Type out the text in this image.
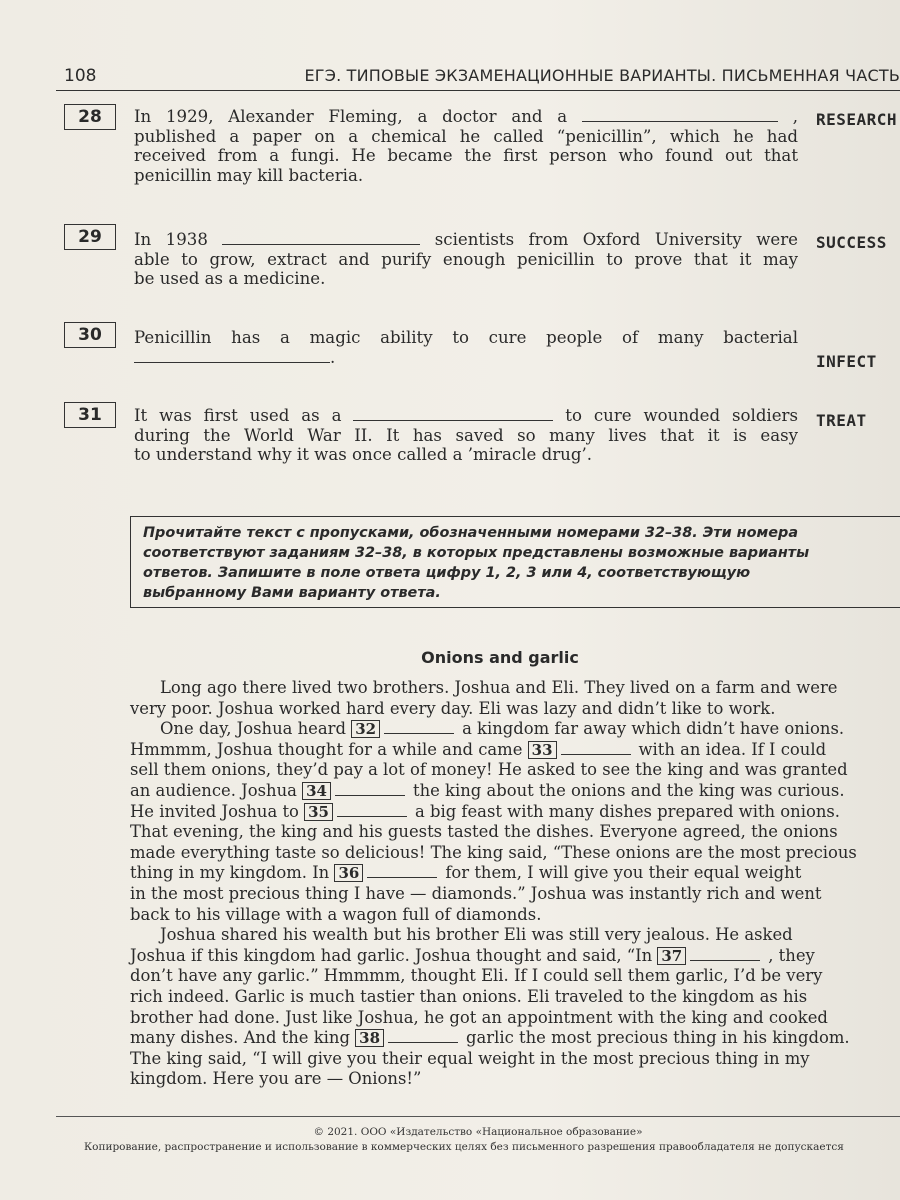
108	ЕГЭ. ТИПОВЫЕ ЭКЗАМЕНАЦИОННЫЕ ВАРИАНТЫ. ПИСЬМЕННАЯ ЧАСТЬ
28	In 1929, Alexander Fleming, a doctor and a	,
published a paper on a chemical he called “penicillin”, which he had
received from a fungi. He became the first person who found out that
penicillin may kill bacteria.
RESEARCH
29	In 1938	scientists from Oxford University were
able to grow, extract and purify enough penicillin to prove that it may
be used as a medicine.
SUCCESS
30	Penicillin has a magic ability to cure people of many bacterial
.	INFECT
31	It was first used as a	to cure wounded soldiers
during the World War II. It has saved so many lives that it is easy
to understand why it was once called a ’miracle drug’.
TREAT
Прочитайте текст с пропусками, обозначенными номерами 32–38. Эти номера
соответствуют заданиям 32–38, в которых представлены возможные варианты
ответов. Запишите в поле ответа цифру 1, 2, 3 или 4, соответствующую
выбранному Вами варианту ответа.
Onions and garlic
Long ago there lived two brothers. Joshua and Eli. They lived on a farm and were
very poor. Joshua worked hard every day. Eli was lazy and didn’t like to work.
One day, Joshua heard 32	a kingdom far away which didn’t have onions.
Hmmmm, Joshua thought for a while and came 33	with an idea. If I could
sell them onions, they’d pay a lot of money! He asked to see the king and was granted
an audience. Joshua 34	the king about the onions and the king was curious.
He invited Joshua to 35	a big feast with many dishes prepared with onions.
That evening, the king and his guests tasted the dishes. Everyone agreed, the onions
made everything taste so delicious! The king said, “These onions are the most precious
thing in my kingdom. In 36	for them, I will give you their equal weight
in the most precious thing I have — diamonds.” Joshua was instantly rich and went
back to his village with a wagon full of diamonds.
Joshua shared his wealth but his brother Eli was still very jealous. He asked
Joshua if this kingdom had garlic. Joshua thought and said, “In 37	, they
don’t have any garlic.” Hmmmm, thought Eli. If I could sell them garlic, I’d be very
rich indeed. Garlic is much tastier than onions. Eli traveled to the kingdom as his
brother had done. Just like Joshua, he got an appointment with the king and cooked
many dishes. And the king 38	garlic the most precious thing in his kingdom.
The king said, “I will give you their equal weight in the most precious thing in my
kingdom. Here you are — Onions!”
© 2021. ООО «Издательство «Национальное образование»
Копирование, распространение и использование в коммерческих целях без письменного разрешения правообладателя не допускается
